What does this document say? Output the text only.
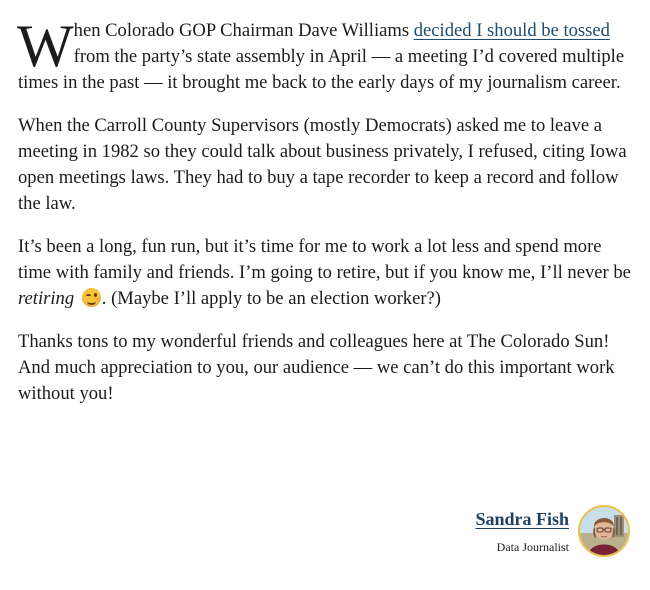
When Colorado GOP Chairman Dave Williams decided I should be tossed from the party’s state assembly in April — a meeting I’d covered multiple times in the past — it brought me back to the early days of my journalism career.

When the Carroll County Supervisors (mostly Democrats) asked me to leave a meeting in 1982 so they could talk about business privately, I refused, citing Iowa open meetings laws. They had to buy a tape recorder to keep a record and follow the law.

It’s been a long, fun run, but it’s time for me to work a lot less and spend more time with family and friends. I’m going to retire, but if you know me, I’ll never be retiring . (Maybe I’ll apply to be an election worker?)

Thanks tons to my wonderful friends and colleagues here at The Colorado Sun! And much appreciation to you, our audience — we can’t do this important work without you!

Sandra Fish
Data Journalist
